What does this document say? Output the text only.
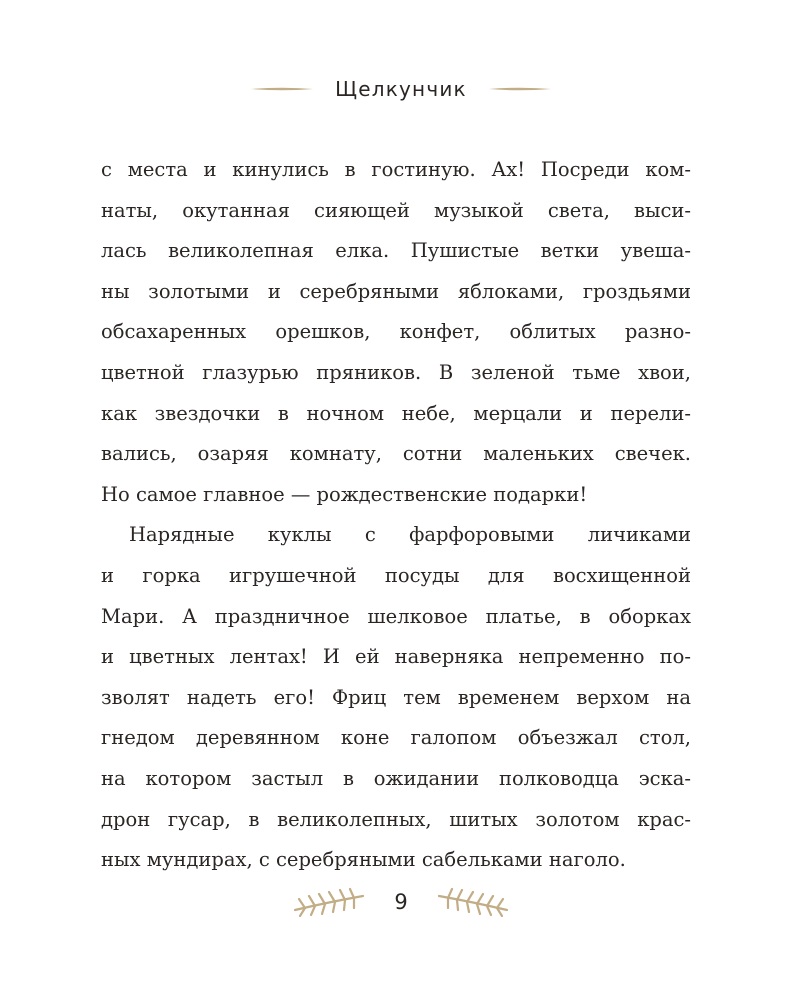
Щелкунчик
с места и кинулись в гостиную. Ах! Посреди ком-
наты, окутанная сияющей музыкой света, выси-
лась великолепная елка. Пушистые ветки увеша-
ны золотыми и серебряными яблоками, гроздьями
обсахаренных орешков, конфет, облитых разно-
цветной глазурью пряников. В зеленой тьме хвои,
как звездочки в ночном небе, мерцали и перели-
вались, озаряя комнату, сотни маленьких свечек.
Но самое главное — рождественские подарки!
Нарядные куклы с фарфоровыми личиками
и горка игрушечной посуды для восхищенной
Мари. А праздничное шелковое платье, в оборках
и цветных лентах! И ей наверняка непременно по-
зволят надеть его! Фриц тем временем верхом на
гнедом деревянном коне галопом объезжал стол,
на котором застыл в ожидании полководца эска-
дрон гусар, в великолепных, шитых золотом крас-
ных мундирах, с серебряными сабельками наголо.
9
